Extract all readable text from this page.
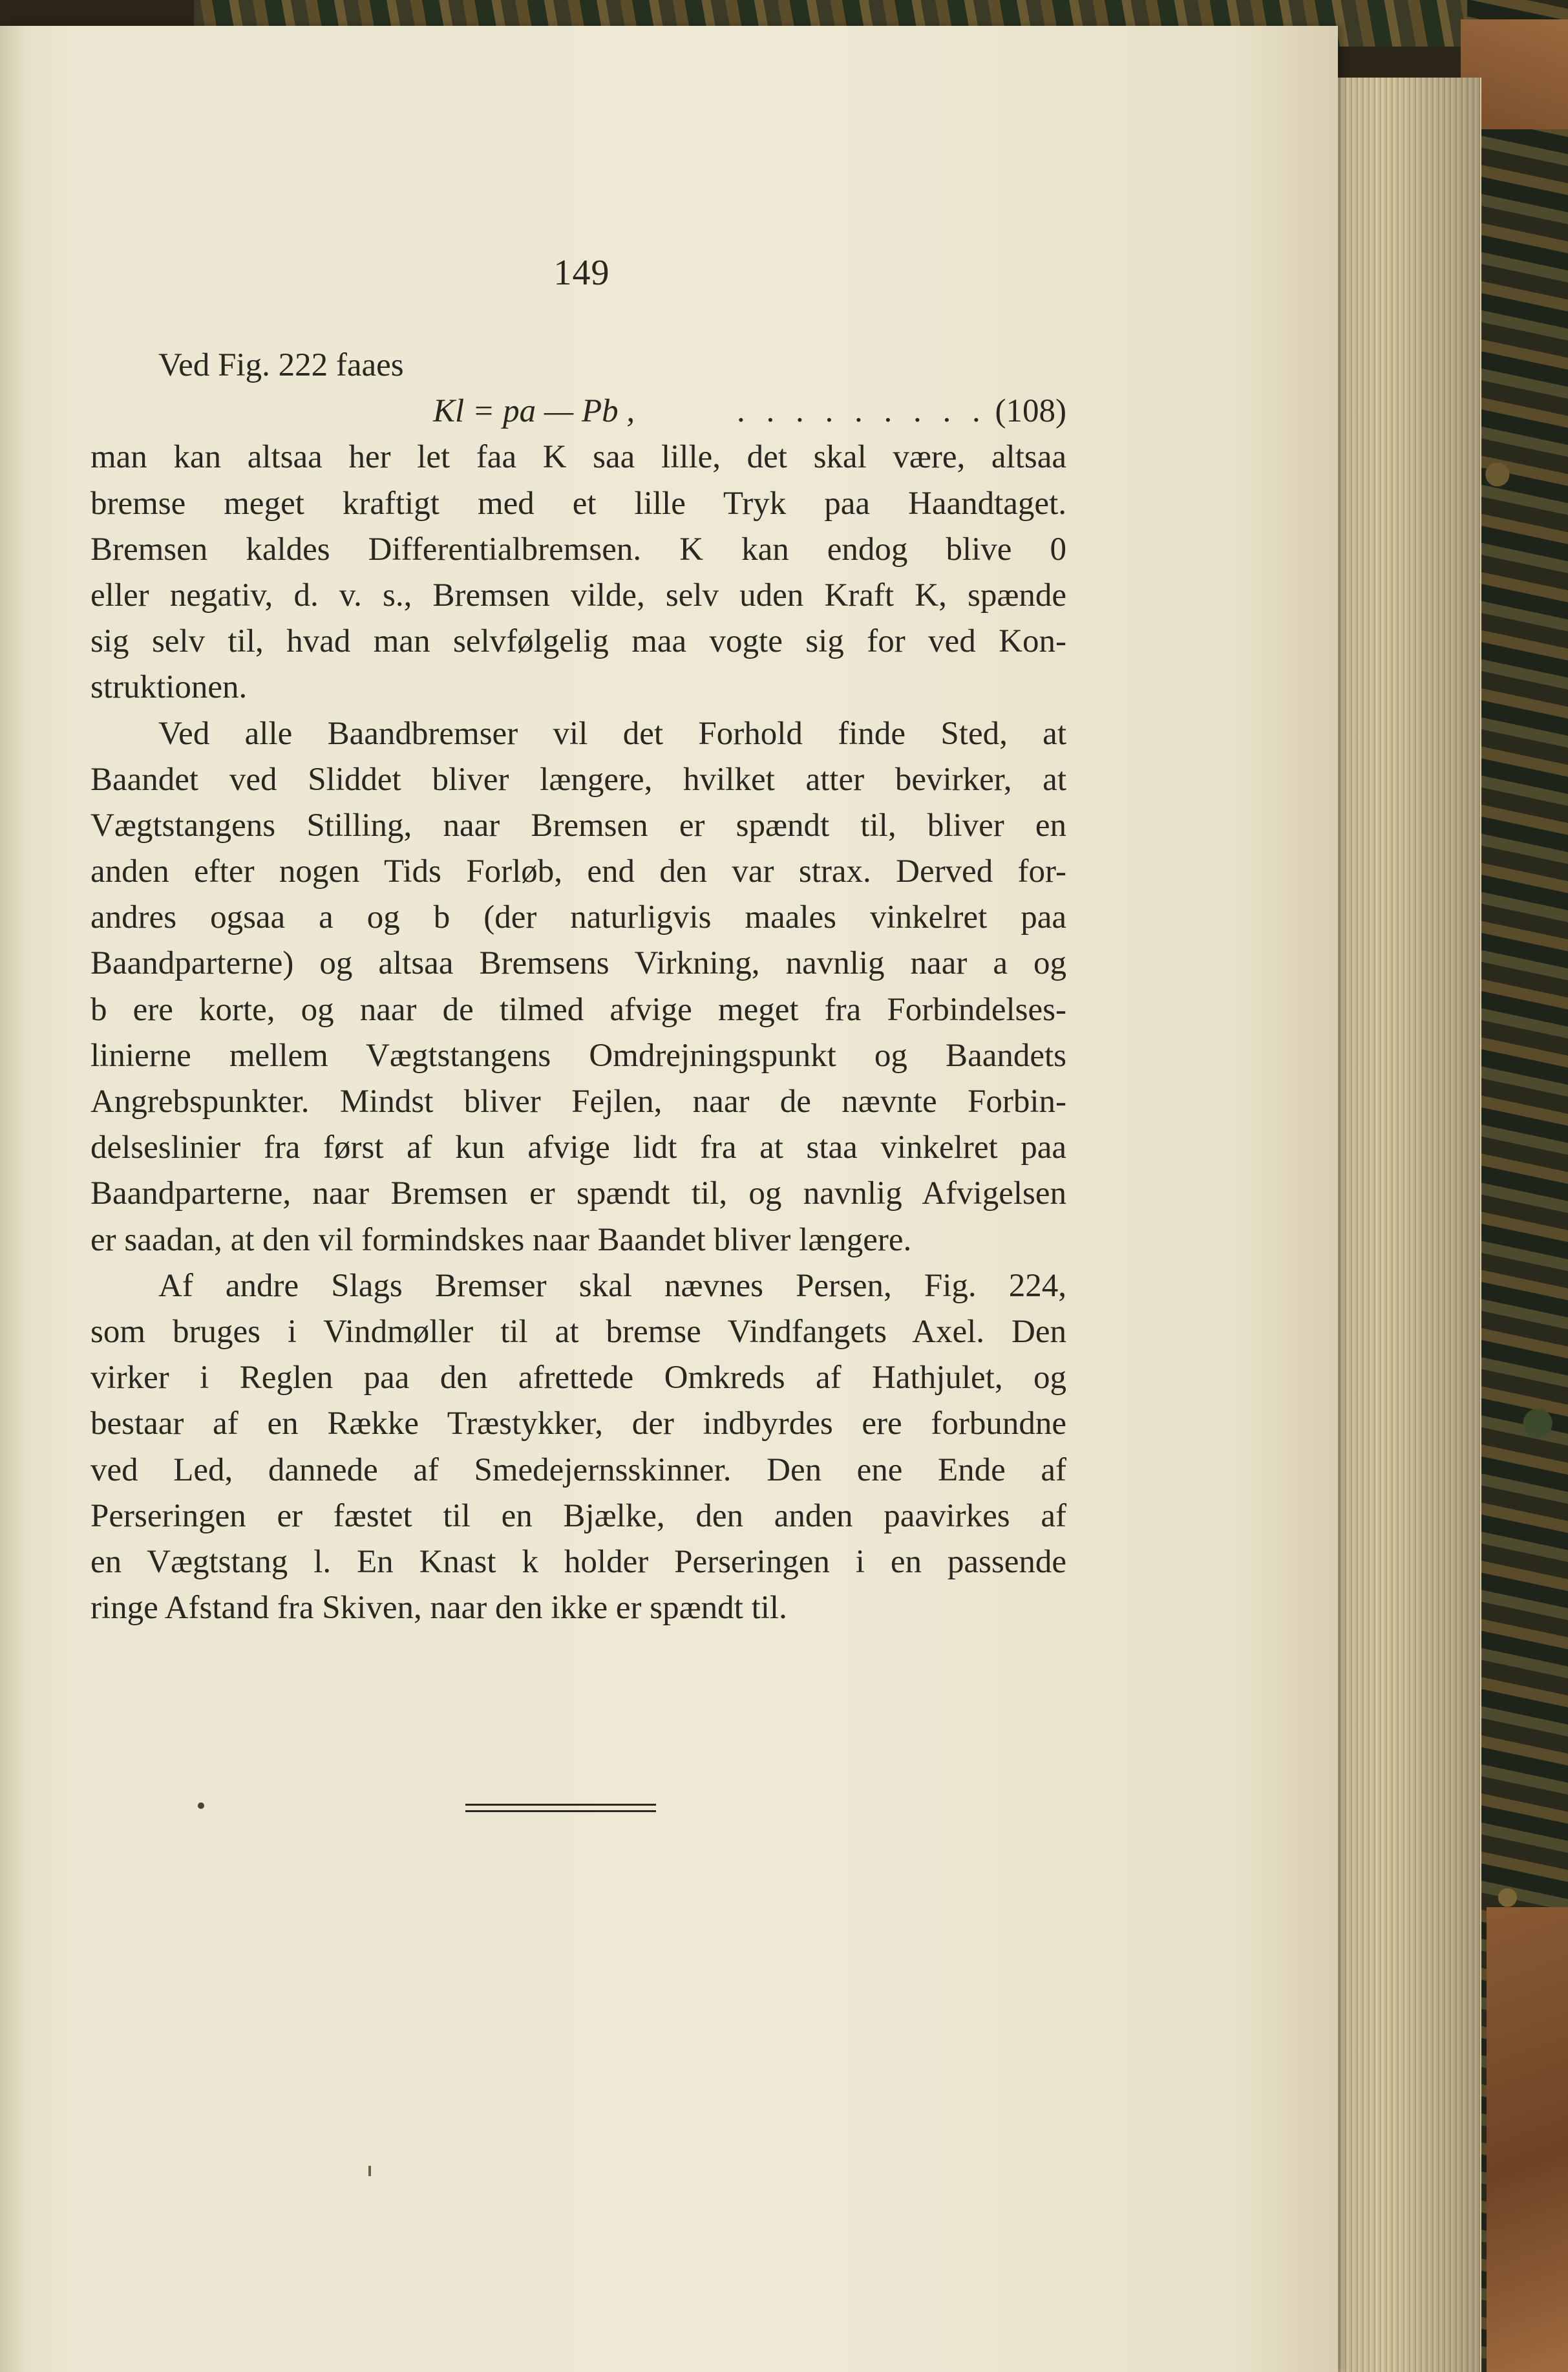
149
Ved Fig. 222 faaes
Kl = pa — Pb ,	. . . . . . . . . (108)
man kan altsaa her let faa K saa lille, det skal være, altsaa
bremse meget kraftigt med et lille Tryk paa Haandtaget.
Bremsen kaldes Differentialbremsen. K kan endog blive 0
eller negativ, d. v. s., Bremsen vilde, selv uden Kraft K, spænde
sig selv til, hvad man selvfølgelig maa vogte sig for ved Kon-
struktionen.
Ved alle Baandbremser vil det Forhold finde Sted, at
Baandet ved Sliddet bliver længere, hvilket atter bevirker, at
Vægtstangens Stilling, naar Bremsen er spændt til, bliver en
anden efter nogen Tids Forløb, end den var strax. Derved for-
andres ogsaa a og b (der naturligvis maales vinkelret paa
Baandparterne) og altsaa Bremsens Virkning, navnlig naar a og
b ere korte, og naar de tilmed afvige meget fra Forbindelses-
linierne mellem Vægtstangens Omdrejningspunkt og Baandets
Angrebspunkter. Mindst bliver Fejlen, naar de nævnte Forbin-
delseslinier fra først af kun afvige lidt fra at staa vinkelret paa
Baandparterne, naar Bremsen er spændt til, og navnlig Afvigelsen
er saadan, at den vil formindskes naar Baandet bliver længere.
Af andre Slags Bremser skal nævnes Persen, Fig. 224,
som bruges i Vindmøller til at bremse Vindfangets Axel. Den
virker i Reglen paa den afrettede Omkreds af Hathjulet, og
bestaar af en Række Træstykker, der indbyrdes ere forbundne
ved Led, dannede af Smedejernsskinner. Den ene Ende af
Perseringen er fæstet til en Bjælke, den anden paavirkes af
en Vægtstang l. En Knast k holder Perseringen i en passende
ringe Afstand fra Skiven, naar den ikke er spændt til.
